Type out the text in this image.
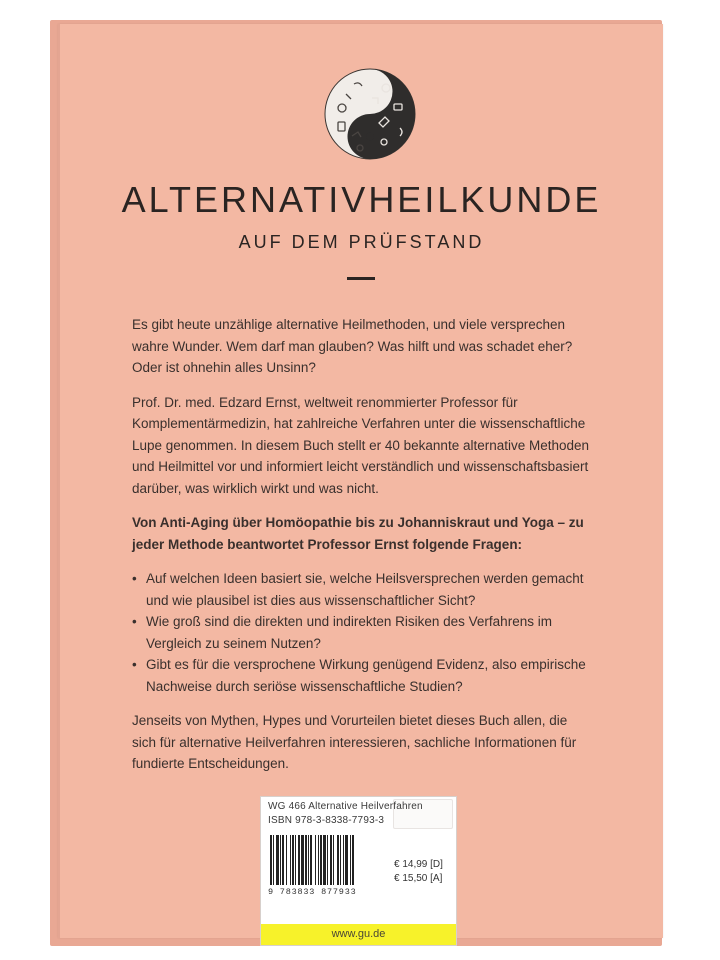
ALTERNATIVHEILKUNDE
AUF DEM PRÜFSTAND

Es gibt heute unzählige alternative Heilmethoden, und viele versprechen wahre Wunder. Wem darf man glauben? Was hilft und was schadet eher? Oder ist ohnehin alles Unsinn?

Prof. Dr. med. Edzard Ernst, weltweit renommierter Professor für Komplementärmedizin, hat zahlreiche Verfahren unter die wissenschaftliche Lupe genommen. In diesem Buch stellt er 40 bekannte alternative Methoden und Heilmittel vor und informiert leicht verständlich und wissenschaftsbasiert darüber, was wirklich wirkt und was nicht.

Von Anti-Aging über Homöopathie bis zu Johanniskraut und Yoga – zu jeder Methode beantwortet Professor Ernst folgende Fragen:

• Auf welchen Ideen basiert sie, welche Heilsversprechen werden gemacht und wie plausibel ist dies aus wissenschaftlicher Sicht?
• Wie groß sind die direkten und indirekten Risiken des Verfahrens im Vergleich zu seinem Nutzen?
• Gibt es für die versprochene Wirkung genügend Evidenz, also empirische Nachweise durch seriöse wissenschaftliche Studien?

Jenseits von Mythen, Hypes und Vorurteilen bietet dieses Buch allen, die sich für alternative Heilverfahren interessieren, sachliche Informationen für fundierte Entscheidungen.

WG 466 Alternative Heilverfahren
ISBN 978-3-8338-7793-3
9 783833 877933
€ 14,99 [D]
€ 15,50 [A]
www.gu.de
